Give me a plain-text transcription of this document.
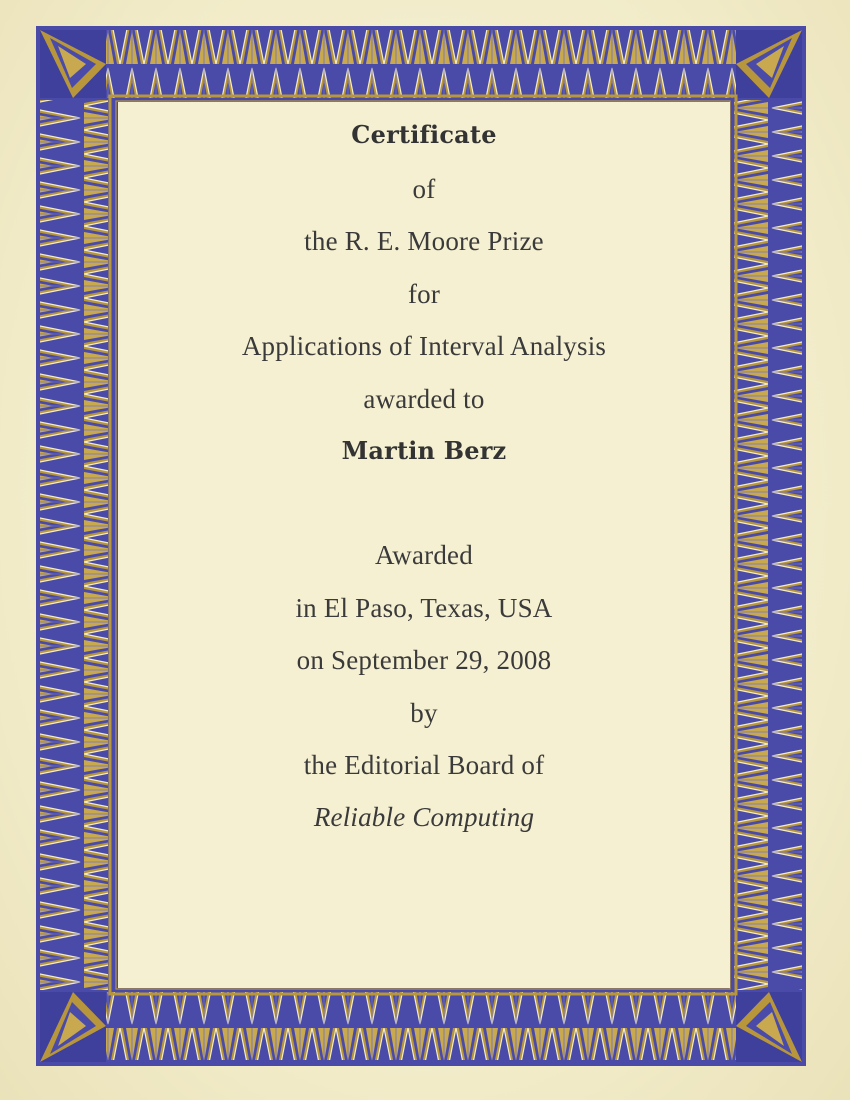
Certificate
of
the R. E. Moore Prize
for
Applications of Interval Analysis
awarded to
Martin Berz
Awarded
in El Paso, Texas, USA
on September 29, 2008
by
the Editorial Board of
Reliable Computing
